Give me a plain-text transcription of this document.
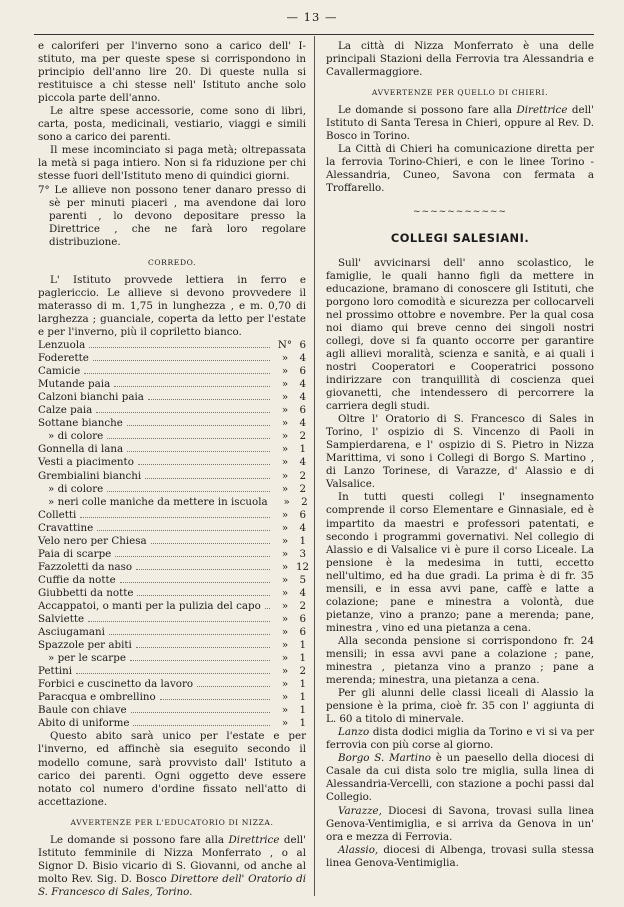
— 13 —

e caloriferi per l'inverno sono a carico dell' I-stituto, ma per queste spese si corrispondono in principio dell'anno lire 20. Di queste nulla si restituisce a chi stesse nell' Istituto anche solo piccola parte dell'anno.

Le altre spese accessorie, come sono di libri, carta, posta, medicinali, vestiario, viaggi e simili sono a carico dei parenti.

Il mese incominciato si paga metà; oltrepassata la metà si paga intiero. Non si fa riduzione per chi stesse fuori dell'Istituto meno di quindici giorni.

7° Le allieve non possono tener danaro presso di sè per minuti piaceri , ma avendone dai loro parenti , lo devono depositare presso la Direttrice , che ne farà loro regolare distribuzione.

CORREDO.

L' Istituto provvede lettiera in ferro e paglericcio. Le allieve si devono provvedere il materasso di m. 1,75 in lunghezza , e m. 0,70 di larghezza ; guanciale, coperta da letto per l'estate e per l'inverno, più il copriletto bianco.

Lenzuola	N° 6
Foderette	» 4
Camicie	» 6
Mutande paia	» 4
Calzoni bianchi paia	» 4
Calze paia	» 6
Sottane bianche	» 4
» di colore	» 2
Gonnella di lana	» 1
Vesti a piacimento	» 4
Grembialini bianchi	» 2
» di colore	» 2
» neri colle maniche da mettere in iscuola	» 2
Colletti	» 6
Cravattine	» 4
Velo nero per Chiesa	» 1
Paia di scarpe	» 3
Fazzoletti da naso	» 12
Cuffie da notte	» 5
Giubbetti da notte	» 4
Accappatoi, o manti per la pulizia del capo	» 2
Salviette	» 6
Asciugamani	» 6
Spazzole per abiti	» 1
» per le scarpe	» 1
Pettini	» 2
Forbici e cuscinetto da lavoro	» 1
Paracqua e ombrellino	» 1
Baule con chiave	» 1
Abito di uniforme	» 1

Questo abito sarà unico per l'estate e per l'inverno, ed affinchè sia eseguito secondo il modello comune, sarà provvisto dall' Istituto a carico dei parenti. Ogni oggetto deve essere notato col numero d'ordine fissato nell'atto di accettazione.

AVVERTENZE PER L'EDUCATORIO DI NIZZA.

Le domande si possono fare alla Direttrice dell' Istituto femminile di Nizza Monferrato , o al Signor D. Bisio vicario di S. Giovanni, od anche al molto Rev. Sig. D. Bosco Direttore dell' Oratorio di S. Francesco di Sales, Torino.

La città di Nizza Monferrato è una delle principali Stazioni della Ferrovia tra Alessandria e Cavallermaggiore.

AVVERTENZE PER QUELLO DI CHIERI.

Le domande si possono fare alla Direttrice dell' Istituto di Santa Teresa in Chieri, oppure al Rev. D. Bosco in Torino.

La Città di Chieri ha comunicazione diretta per la ferrovia Torino-Chieri, e con le linee Torino -Alessandria, Cuneo, Savona con fermata a Troffarello.

~~~~~~~~~~~
COLLEGI SALESIANI.

Sull' avvicinarsi dell' anno scolastico, le famiglie, le quali hanno figli da mettere in educazione, bramano di conoscere gli Istituti, che porgono loro comodità e sicurezza per collocarveli nel prossimo ottobre e novembre. Per la qual cosa noi diamo qui breve cenno dei singoli nostri collegi, dove si fa quanto occorre per garantire agli allievi moralità, scienza e sanità, e ai quali i nostri Cooperatori e Cooperatrici possono indirizzare con tranquillità di coscienza quei giovanetti, che intendessero di percorrere la carriera degli studi.

Oltre l' Oratorio di S. Francesco di Sales in Torino, l' ospizio di S. Vincenzo di Paoli in Sampierdarena, e l' ospizio di S. Pietro in Nizza Marittima, vi sono i Collegi di Borgo S. Martino , di Lanzo Torinese, di Varazze, d' Alassio e di Valsalice.

In tutti questi collegi l' insegnamento comprende il corso Elementare e Ginnasiale, ed è impartito da maestri e professori patentati, e secondo i programmi governativi. Nel collegio di Alassio e di Valsalice vi è pure il corso Liceale. La pensione è la medesima in tutti, eccetto nell'ultimo, ed ha due gradi. La prima è di fr. 35 mensili, e in essa avvi pane, caffè e latte a colazione; pane e minestra a volontà, due pietanze, vino a pranzo; pane a merenda; pane, minestra , vino ed una pietanza a cena.

Alla seconda pensione si corrispondono fr. 24 mensili; in essa avvi pane a colazione ; pane, minestra , pietanza vino a pranzo ; pane a merenda; minestra, una pietanza a cena.

Per gli alunni delle classi liceali di Alassio la pensione è la prima, cioè fr. 35 con l' aggiunta di L. 60 a titolo di minervale.

Lanzo dista dodici miglia da Torino e vi si va per ferrovia con più corse al giorno.

Borgo S. Martino è un paesello della diocesi di Casale da cui dista solo tre miglia, sulla linea di Alessandria-Vercelli, con stazione a pochi passi dal Collegio.

Varazze, Diocesi di Savona, trovasi sulla linea Genova-Ventimiglia, e si arriva da Genova in un' ora e mezza di Ferrovia.

Alassio, diocesi di Albenga, trovasi sulla stessa linea Genova-Ventimiglia.
